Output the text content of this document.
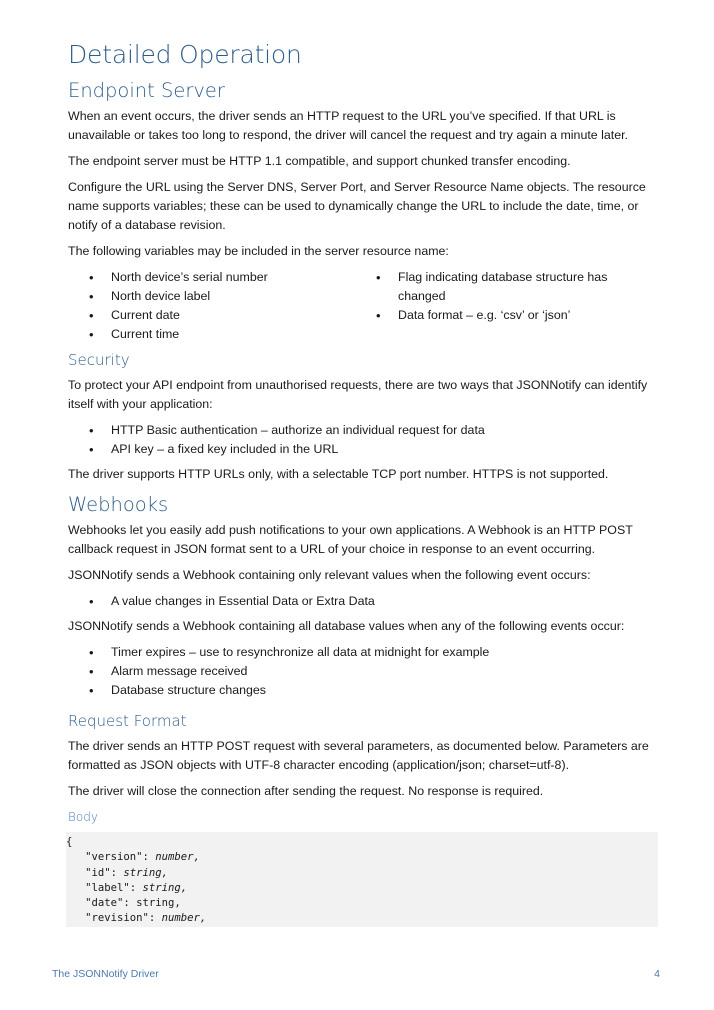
Detailed Operation
Endpoint Server

When an event occurs, the driver sends an HTTP request to the URL you’ve specified. If that URL is unavailable or takes too long to respond, the driver will cancel the request and try again a minute later.

The endpoint server must be HTTP 1.1 compatible, and support chunked transfer encoding.

Configure the URL using the Server DNS, Server Port, and Server Resource Name objects. The resource name supports variables; these can be used to dynamically change the URL to include the date, time, or notify of a database revision.

The following variables may be included in the server resource name:

• North device’s serial number
• North device label
• Current date
• Current time
• Flag indicating database structure has changed
• Data format – e.g. ‘csv’ or ‘json’
Security

To protect your API endpoint from unauthorised requests, there are two ways that JSONNotify can identify itself with your application:

• HTTP Basic authentication – authorize an individual request for data
• API key – a fixed key included in the URL

The driver supports HTTP URLs only, with a selectable TCP port number. HTTPS is not supported.

Webhooks

Webhooks let you easily add push notifications to your own applications. A Webhook is an HTTP POST callback request in JSON format sent to a URL of your choice in response to an event occurring.

JSONNotify sends a Webhook containing only relevant values when the following event occurs:

• A value changes in Essential Data or Extra Data

JSONNotify sends a Webhook containing all database values when any of the following events occur:

• Timer expires – use to resynchronize all data at midnight for example
• Alarm message received
• Database structure changes
Request Format

The driver sends an HTTP POST request with several parameters, as documented below. Parameters are formatted as JSON objects with UTF-8 character encoding (application/json; charset=utf-8).

The driver will close the connection after sending the request. No response is required.

Body
{
"version": number,
"id": string,
"label": string,
"date": string,
"revision": number,
The JSONNotify Driver	4
